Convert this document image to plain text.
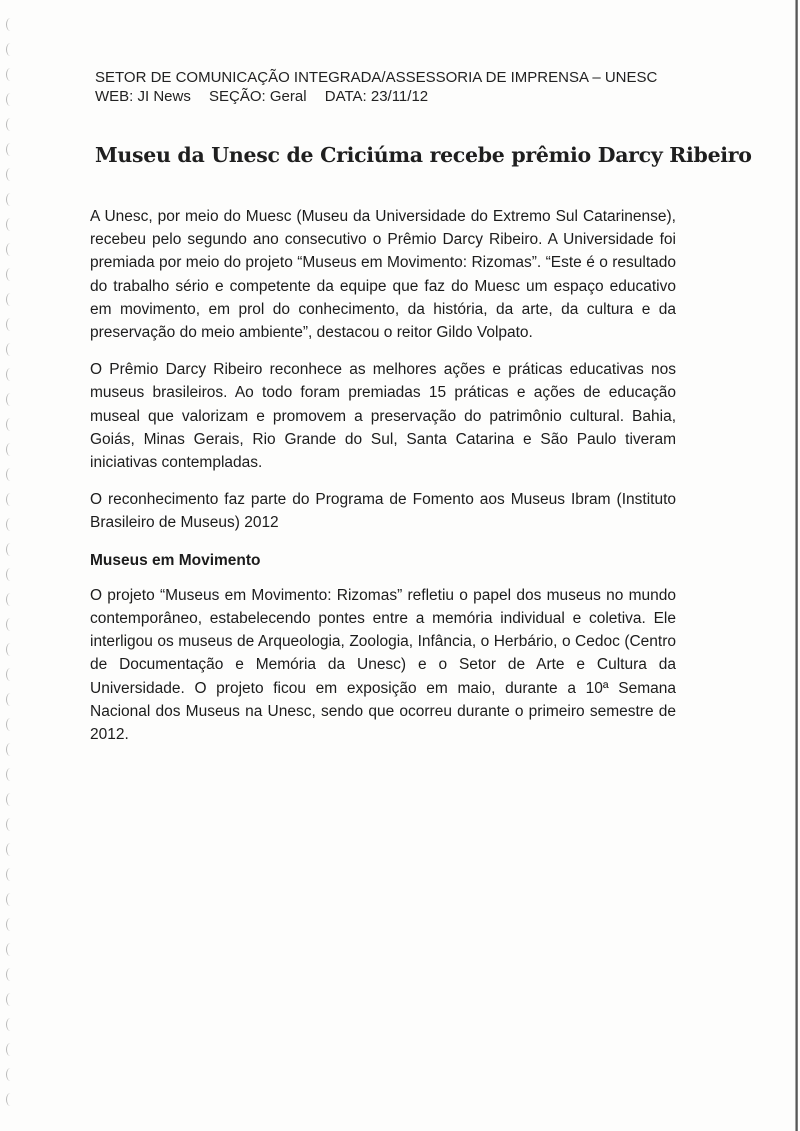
SETOR DE COMUNICAÇÃO INTEGRADA/ASSESSORIA DE IMPRENSA – UNESC
WEB: JI News SEÇÃO: Geral DATA: 23/11/12
Museu da Unesc de Criciúma recebe prêmio Darcy Ribeiro

A Unesc, por meio do Muesc (Museu da Universidade do Extremo Sul Catarinense), recebeu pelo segundo ano consecutivo o Prêmio Darcy Ribeiro. A Universidade foi premiada por meio do projeto “Museus em Movimento: Rizomas”. “Este é o resultado do trabalho sério e competente da equipe que faz do Muesc um espaço educativo em movimento, em prol do conhecimento, da história, da arte, da cultura e da preservação do meio ambiente”, destacou o reitor Gildo Volpato.

O Prêmio Darcy Ribeiro reconhece as melhores ações e práticas educativas nos museus brasileiros. Ao todo foram premiadas 15 práticas e ações de educação museal que valorizam e promovem a preservação do patrimônio cultural. Bahia, Goiás, Minas Gerais, Rio Grande do Sul, Santa Catarina e São Paulo tiveram iniciativas contempladas.

O reconhecimento faz parte do Programa de Fomento aos Museus Ibram (Instituto Brasileiro de Museus) 2012

Museus em Movimento

O projeto “Museus em Movimento: Rizomas” refletiu o papel dos museus no mundo contemporâneo, estabelecendo pontes entre a memória individual e coletiva. Ele interligou os museus de Arqueologia, Zoologia, Infância, o Herbário, o Cedoc (Centro de Documentação e Memória da Unesc) e o Setor de Arte e Cultura da Universidade. O projeto ficou em exposição em maio, durante a 10ª Semana Nacional dos Museus na Unesc, sendo que ocorreu durante o primeiro semestre de 2012.
